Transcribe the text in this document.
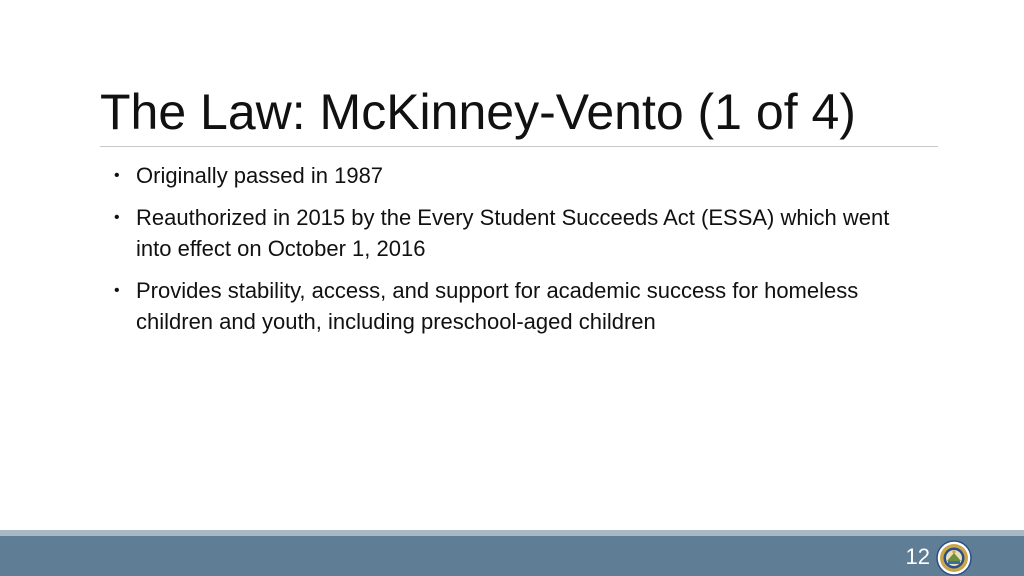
The Law: McKinney-Vento (1 of 4)
• Originally passed in 1987
• Reauthorized in 2015 by the Every Student Succeeds Act (ESSA) which went into effect on October 1, 2016
• Provides stability, access, and support for academic success for homeless children and youth, including preschool-aged children
12
